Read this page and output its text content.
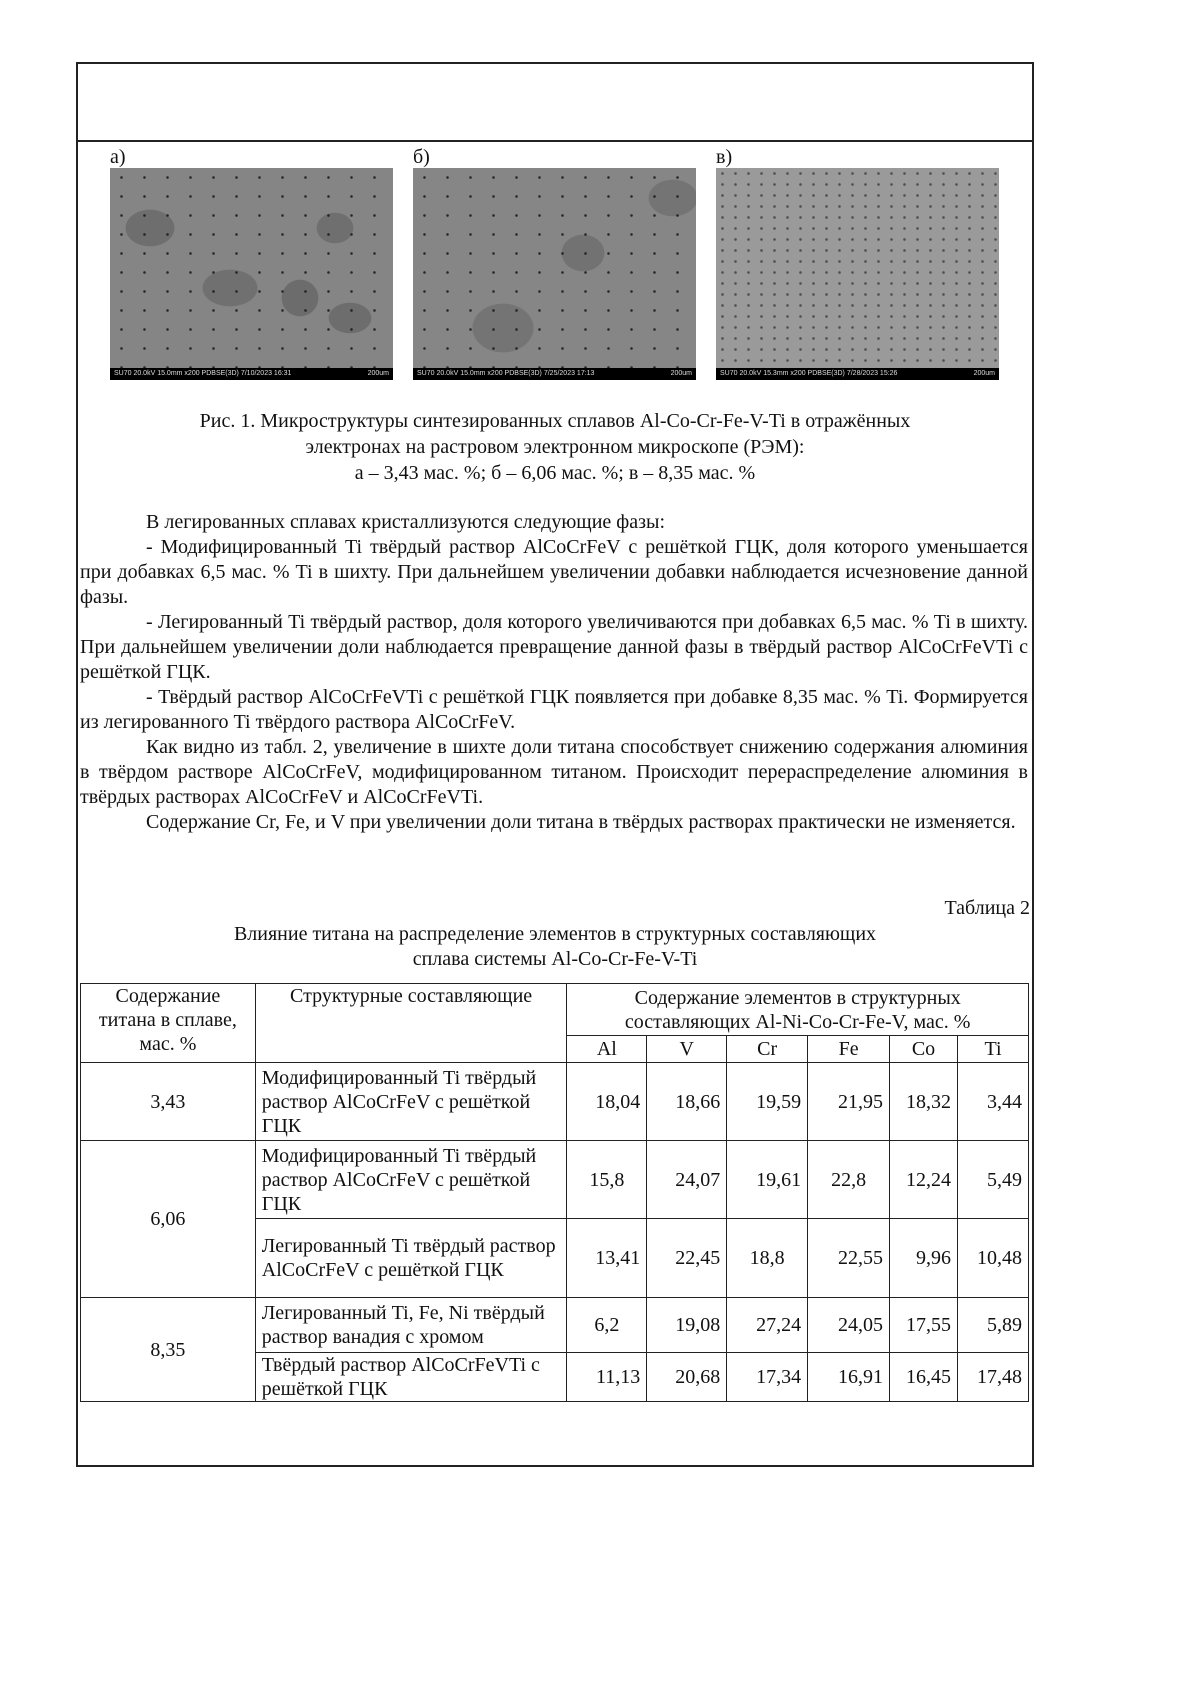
а)	б)	в)
SU70 20.0kV 15.0mm x200 PDBSE(3D) 7/10/2023 16:31	200um	SU70 20.0kV 15.0mm x200 PDBSE(3D) 7/25/2023 17:13	200um	SU70 20.0kV 15.3mm x200 PDBSE(3D) 7/28/2023 15:26	200um
Рис. 1. Микроструктуры синтезированных сплавов Al-Co-Cr-Fe-V-Ti в отражённых
электронах на растровом электронном микроскопе (РЭМ):
а – 3,43 мас. %; б – 6,06 мас. %; в – 8,35 мас. %

В легированных сплавах кристаллизуются следующие фазы:

- Модифицированный Ti твёрдый раствор AlCoCrFeV с решёткой ГЦК, доля которого уменьшается при добавках 6,5 мас. % Ti в шихту. При дальнейшем увеличении добавки наблюдается исчезновение данной фазы.

- Легированный Ti твёрдый раствор, доля которого увеличиваются при добавках 6,5 мас. % Ti в шихту. При дальнейшем увеличении доли наблюдается превращение данной фазы в твёрдый раствор AlCoCrFeVTi с решёткой ГЦК.

- Твёрдый раствор AlCoCrFeVTi с решёткой ГЦК появляется при добавке 8,35 мас. % Ti. Формируется из легированного Ti твёрдого раствора AlCoCrFeV.

Как видно из табл. 2, увеличение в шихте доли титана способствует снижению содержания алюминия в твёрдом растворе AlCoCrFeV, модифицированном титаном. Происходит перераспределение алюминия в твёрдых растворах AlCoCrFeV и AlCoCrFeVTi.

Содержание Cr, Fe, и V при увеличении доли титана в твёрдых растворах практически не изменяется.

Таблица 2
Влияние титана на распределение элементов в структурных составляющих
сплава системы Al-Co-Cr-Fe-V-Ti
Содержание титана в сплаве, мас. %	Структурные составляющие	Содержание элементов в структурных составляющих Al-Ni-Co-Cr-Fe-V, мас. %
Al	V	Cr	Fe	Co	Ti
3,43	Модифицированный Ti твёрдый раствор AlCoCrFeV с решёткой ГЦК	18,04	18,66	19,59	21,95	18,32	3,44
6,06	Модифицированный Ti твёрдый раствор AlCoCrFeV с решёткой ГЦК	15,8	24,07	19,61	22,8	12,24	5,49
Легированный Ti твёрдый раствор AlCoCrFeV с решёткой ГЦК	13,41	22,45	18,8	22,55	9,96	10,48
8,35	Легированный Ti, Fe, Ni твёрдый раствор ванадия с хромом	6,2	19,08	27,24	24,05	17,55	5,89
Твёрдый раствор AlCoCrFeVTi с решёткой ГЦК	11,13	20,68	17,34	16,91	16,45	17,48
